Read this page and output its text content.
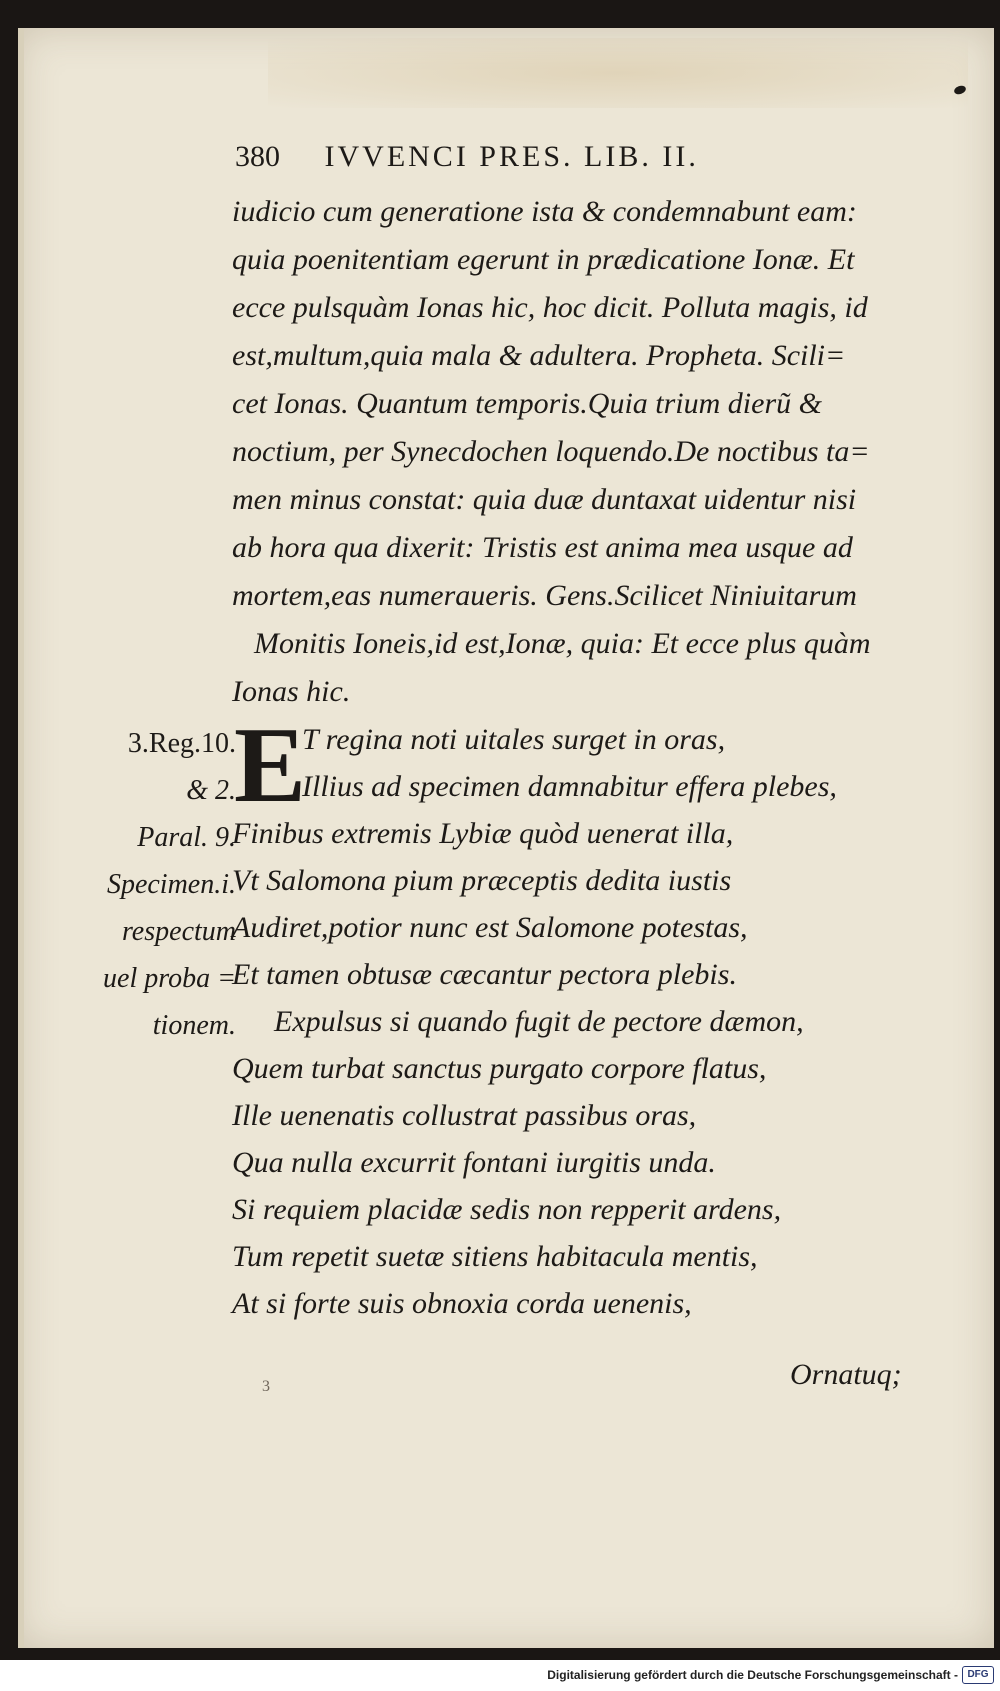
380 IVVENCI PRES. LIB. II.
iudicio cum generatione ista & condemnabunt eam:
quia poenitentiam egerunt in prædicatione Ionæ. Et
ecce pulsquàm Ionas hic, hoc dicit. Polluta magis, id
est,multum,quia mala & adultera. Propheta. Scili=
cet Ionas. Quantum temporis.Quia trium dierũ &
noctium, per Synecdochen loquendo.De noctibus ta=
men minus constat: quia duæ duntaxat uidentur nisi
ab hora qua dixerit: Tristis est anima mea usque ad
mortem,eas numeraueris. Gens.Scilicet Niniuitarum
Monitis Ioneis,id est,Ionæ, quia: Et ecce plus quàm
Ionas hic.
3.Reg.10.
& 2.
Paral. 9.
Specimen.i.
respectum
uel proba =
tionem.
E
T regina noti uitales surget in oras,
Illius ad specimen damnabitur effera plebes,
Finibus extremis Lybiæ quòd uenerat illa,
Vt Salomona pium præceptis dedita iustis
Audiret,potior nunc est Salomone potestas,
Et tamen obtusæ cæcantur pectora plebis.
Expulsus si quando fugit de pectore dæmon,
Quem turbat sanctus purgato corpore flatus,
Ille uenenatis collustrat passibus oras,
Qua nulla excurrit fontani iurgitis unda.
Si requiem placidæ sedis non repperit ardens,
Tum repetit suetæ sitiens habitacula mentis,
At si forte suis obnoxia corda uenenis,
3	Ornatuq;
Digitalisierung gefördert durch die Deutsche Forschungsgemeinschaft - DFG
